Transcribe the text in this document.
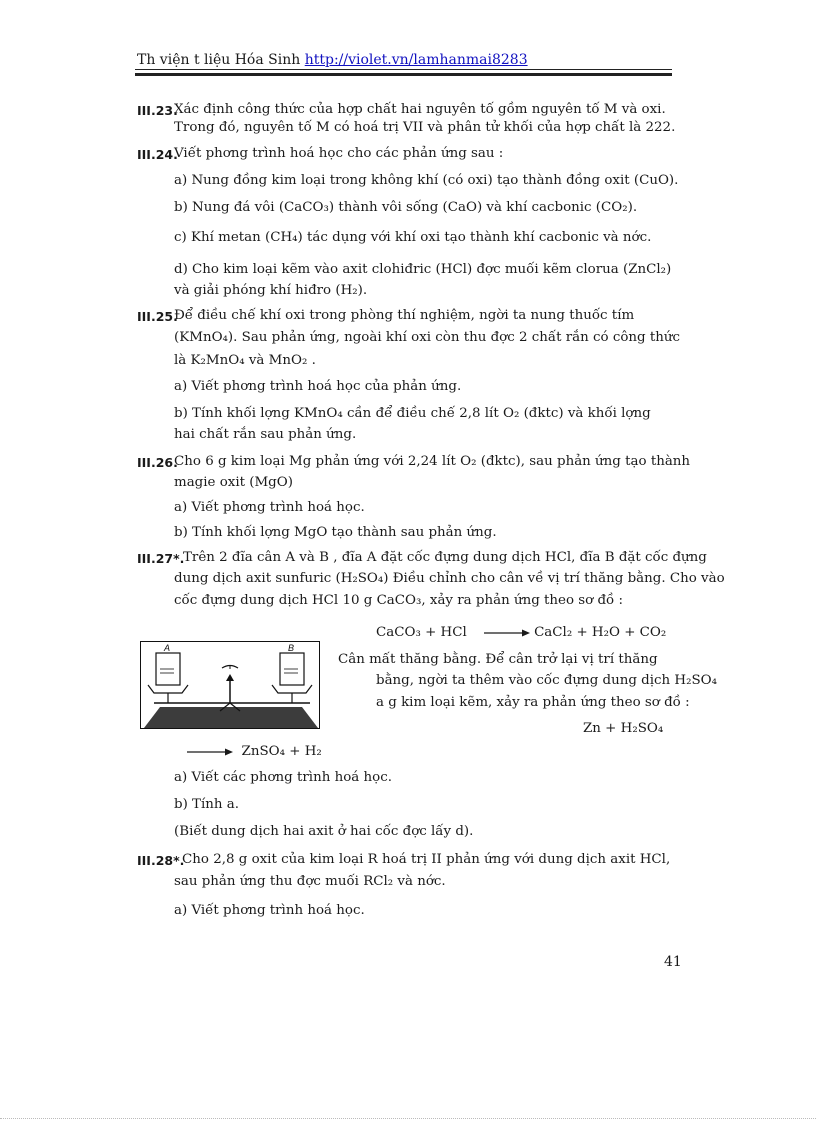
Th viện t liệu Hóa Sinh http://violet.vn/lamhanmai8283
III.23.
Xác định công thức của hợp chất hai nguyên tố gồm nguyên tố M và oxi.
Trong đó, nguyên tố M có hoá trị VII và phân tử khối của hợp chất là 222.
III.24.
Viết phơng trình hoá học cho các phản ứng sau :
a) Nung đồng kim loại trong không khí (có oxi) tạo thành đồng oxit (CuO).
b) Nung đá vôi (CaCO₃) thành vôi sống (CaO) và khí cacbonic (CO₂).
c) Khí metan (CH₄) tác dụng với khí oxi tạo thành khí cacbonic và nớc.
d) Cho kim loại kẽm vào axit clohiđric (HCl) đợc muối kẽm clorua (ZnCl₂)
và giải phóng khí hiđro (H₂).
III.25.
Để điều chế khí oxi trong phòng thí nghiệm, ngời ta nung thuốc tím
(KMnO₄). Sau phản ứng, ngoài khí oxi còn thu đợc 2 chất rắn có công thức
là K₂MnO₄ và MnO₂ .
a) Viết phơng trình hoá học của phản ứng.
b) Tính khối lợng KMnO₄ cần để điều chế 2,8 lít O₂ (đktc) và khối lợng
hai chất rắn sau phản ứng.
III.26.
Cho 6 g kim loại Mg phản ứng với 2,24 lít O₂ (đktc), sau phản ứng tạo thành
magie oxit (MgO)
a) Viết phơng trình hoá học.
b) Tính khối lợng MgO tạo thành sau phản ứng.
III.27*.
Trên 2 đĩa cân A và B , đĩa A đặt cốc đựng dung dịch HCl, đĩa B đặt cốc đựng
dung dịch axit sunfuric (H₂SO₄) Điều chỉnh cho cân về vị trí thăng bằng. Cho vào
cốc đựng dung dịch HCl 10 g CaCO₃, xảy ra phản ứng theo sơ đồ :
CaCO₃ + HCl → CaCl₂ + H₂O + CO₂
A	B
Cân mất thăng bằng. Để cân trở lại vị trí thăng
bằng, ngời ta thêm vào cốc đựng dung dịch H₂SO₄
a g kim loại kẽm, xảy ra phản ứng theo sơ đồ :
Zn + H₂SO₄
→ ZnSO₄ + H₂
a) Viết các phơng trình hoá học.
b) Tính a.
(Biết dung dịch hai axit ở hai cốc đợc lấy d).
III.28*.
Cho 2,8 g oxit của kim loại R hoá trị II phản ứng với dung dịch axit HCl,
sau phản ứng thu đợc muối RCl₂ và nớc.
a) Viết phơng trình hoá học.
41
